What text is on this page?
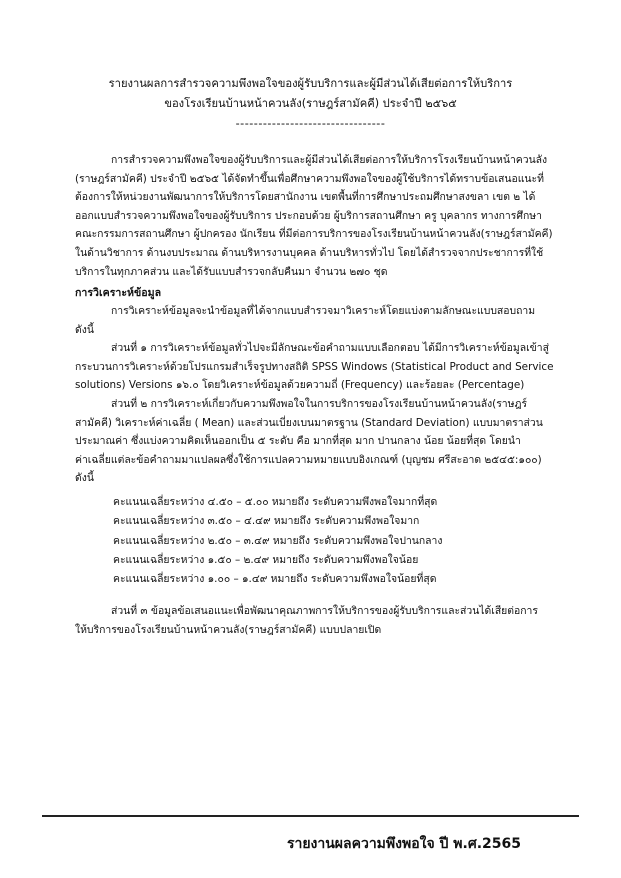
รายงานผลการสำรวจความพึงพอใจของผู้รับบริการและผู้มีส่วนได้เสียต่อการให้บริการ
ของโรงเรียนบ้านหน้าควนลัง(ราษฎร์สามัคคี) ประจำปี ๒๕๖๕
---------------------------------
การสำรวจความพึงพอใจของผู้รับบริการและผู้มีส่วนได้เสียต่อการให้บริการโรงเรียนบ้านหน้าควนลัง
(ราษฎร์สามัคคี) ประจำปี ๒๕๖๕ ได้จัดทำขึ้นเพื่อศึกษาความพึงพอใจของผู้ใช้บริการได้ทราบข้อเสนอแนะที่
ต้องการให้หน่วยงานพัฒนาการให้บริการโดยสานักงาน เขตพื้นที่การศึกษาประถมศึกษาสงขลา เขต ๒ ได้
ออกแบบสำรวจความพึงพอใจของผู้รับบริการ ประกอบด้วย ผู้บริการสถานศึกษา ครู บุคลากร ทางการศึกษา
คณะกรรมการสถานศึกษา ผู้ปกครอง นักเรียน ที่มีต่อการบริการของโรงเรียนบ้านหน้าควนลัง(ราษฎร์สามัคคี)
ในด้านวิชาการ ด้านงบประมาณ ด้านบริหารงานบุคคล ด้านบริหารทั่วไป โดยได้สำรวจจากประชาการที่ใช้
บริการในทุกภาคส่วน และได้รับแบบสำรวจกลับคืนมา จำนวน ๒๗๐ ชุด
การวิเคราะห์ข้อมูล
การวิเคราะห์ข้อมูลจะนำข้อมูลที่ได้จากแบบสำรวจมาวิเคราะห์โดยแบ่งตามลักษณะแบบสอบถาม
ดังนี้
ส่วนที่ ๑ การวิเคราะห์ข้อมูลทั่วไปจะมีลักษณะข้อคำถามแบบเลือกตอบ ได้มีการวิเคราะห์ข้อมูลเข้าสู่
กระบวนการวิเคราะห์ด้วยโปรแกรมสำเร็จรูปทางสถิติ SPSS Windows (Statistical Product and Service
solutions) Versions ๑๖.๐ โดยวิเคราะห์ข้อมูลด้วยความถี่ (Frequency) และร้อยละ (Percentage)
ส่วนที่ ๒ การวิเคราะห์เกี่ยวกับความพึงพอใจในการบริการของโรงเรียนบ้านหน้าควนลัง(ราษฎร์
สามัคคี) วิเคราะห์ค่าเฉลี่ย ( Mean) และส่วนเบี่ยงเบนมาตรฐาน (Standard Deviation) แบบมาตราส่วน
ประมาณค่า ซึ่งแบ่งความคิดเห็นออกเป็น ๕ ระดับ คือ มากที่สุด มาก ปานกลาง น้อย น้อยที่สุด โดยนำ
ค่าเฉลี่ยแต่ละข้อคำถามมาแปลผลซึ่งใช้การแปลความหมายแบบอิงเกณฑ์ (บุญชม ศรีสะอาด ๒๕๔๕:๑๐๐)
ดังนี้
คะแนนเฉลี่ยระหว่าง ๔.๕๐ – ๕.๐๐ หมายถึง ระดับความพึงพอใจมากที่สุด
คะแนนเฉลี่ยระหว่าง ๓.๕๐ – ๔.๔๙ หมายถึง ระดับความพึงพอใจมาก
คะแนนเฉลี่ยระหว่าง ๒.๕๐ – ๓.๔๙ หมายถึง ระดับความพึงพอใจปานกลาง
คะแนนเฉลี่ยระหว่าง ๑.๕๐ – ๒.๔๙ หมายถึง ระดับความพึงพอใจน้อย
คะแนนเฉลี่ยระหว่าง ๑.๐๐ – ๑.๔๙ หมายถึง ระดับความพึงพอใจน้อยที่สุด
ส่วนที่ ๓ ข้อมูลข้อเสนอแนะเพื่อพัฒนาคุณภาพการให้บริการของผู้รับบริการและส่วนได้เสียต่อการ
ให้บริการของโรงเรียนบ้านหน้าควนลัง(ราษฎร์สามัคคี) แบบปลายเปิด
รายงานผลความพึงพอใจ ปี พ.ศ.2565
